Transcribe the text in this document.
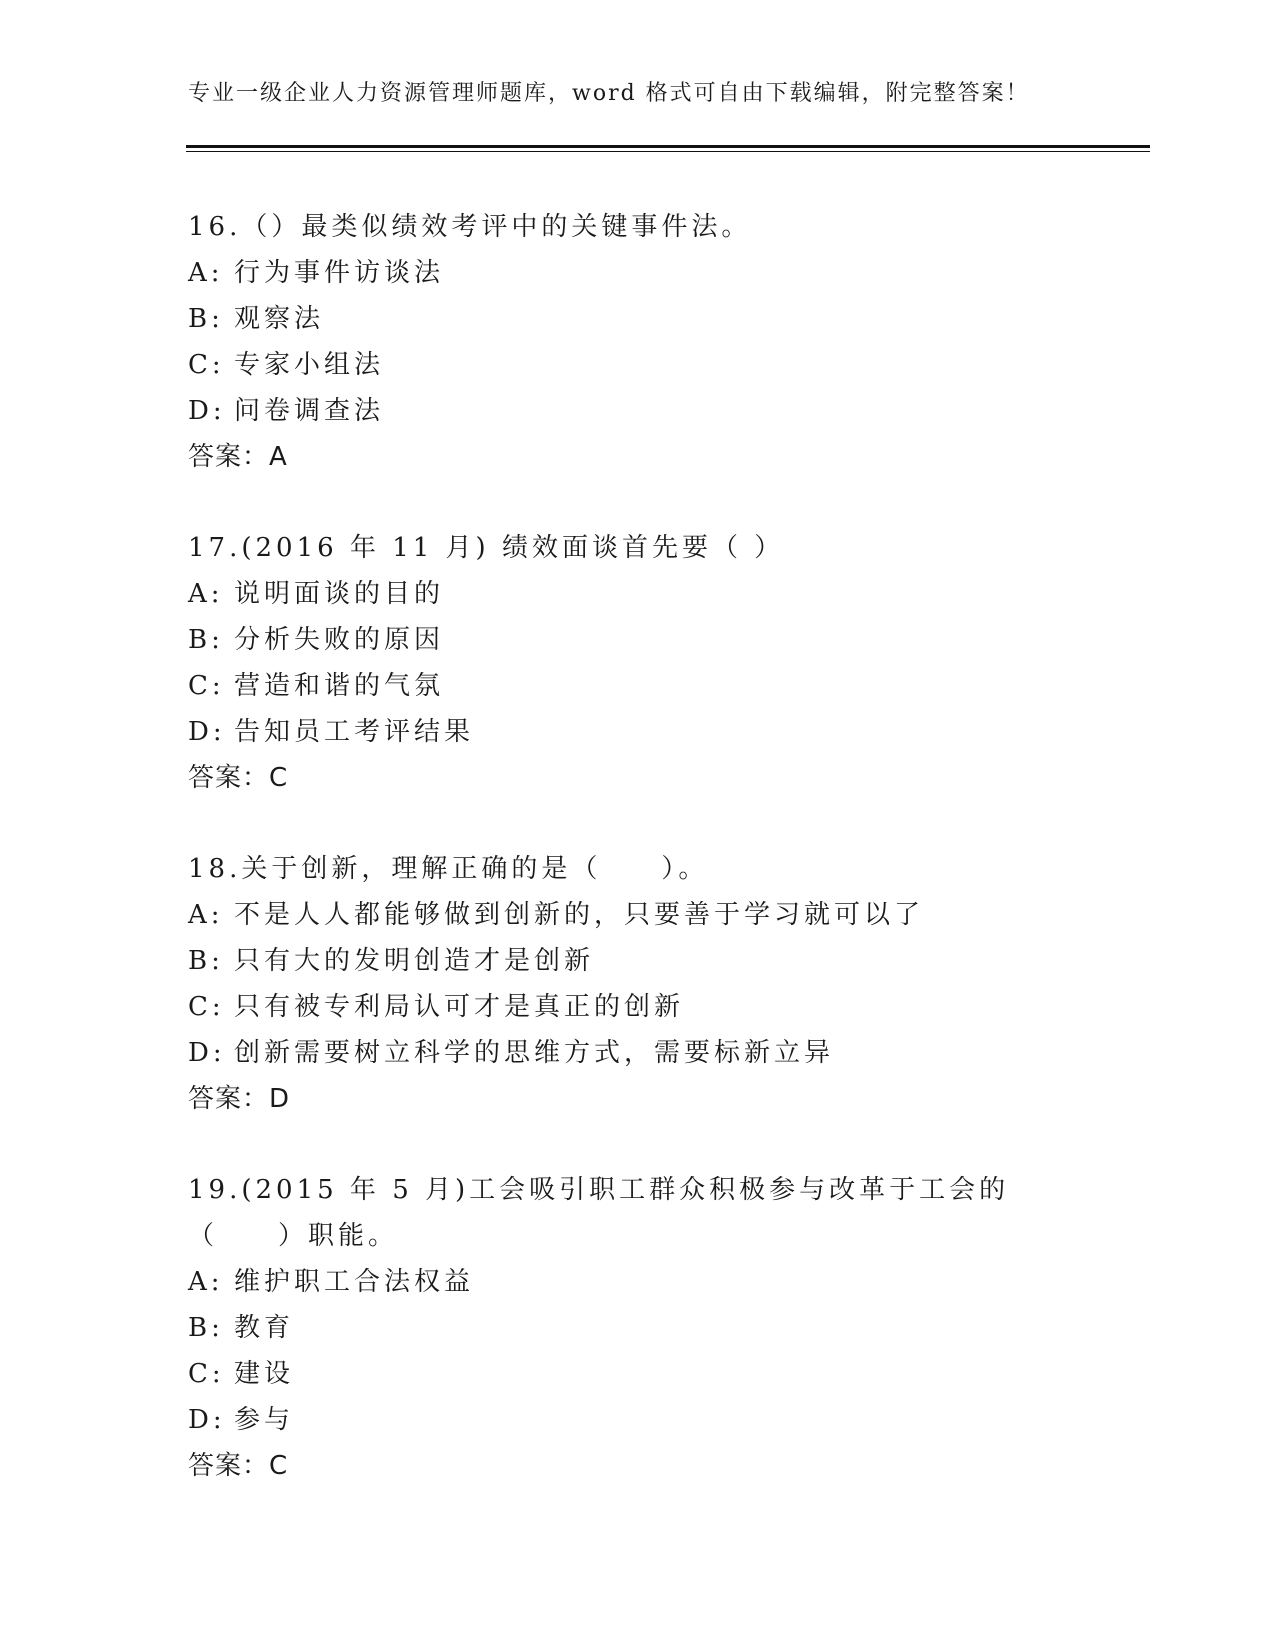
专业一级企业人力资源管理师题库，word 格式可自由下载编辑，附完整答案！
16.（）最类似绩效考评中的关键事件法。
A: 行为事件访谈法
B: 观察法
C: 专家小组法
D: 问卷调查法
答案：A
17.(2016 年 11 月) 绩效面谈首先要（ ）
A: 说明面谈的目的
B: 分析失败的原因
C: 营造和谐的气氛
D: 告知员工考评结果
答案：C
18.关于创新，理解正确的是（　　）。
A: 不是人人都能够做到创新的，只要善于学习就可以了
B: 只有大的发明创造才是创新
C: 只有被专利局认可才是真正的创新
D: 创新需要树立科学的思维方式，需要标新立异
答案：D
19.(2015 年 5 月)工会吸引职工群众积极参与改革于工会的（　　）职能。
A: 维护职工合法权益
B: 教育
C: 建设
D: 参与
答案：C
